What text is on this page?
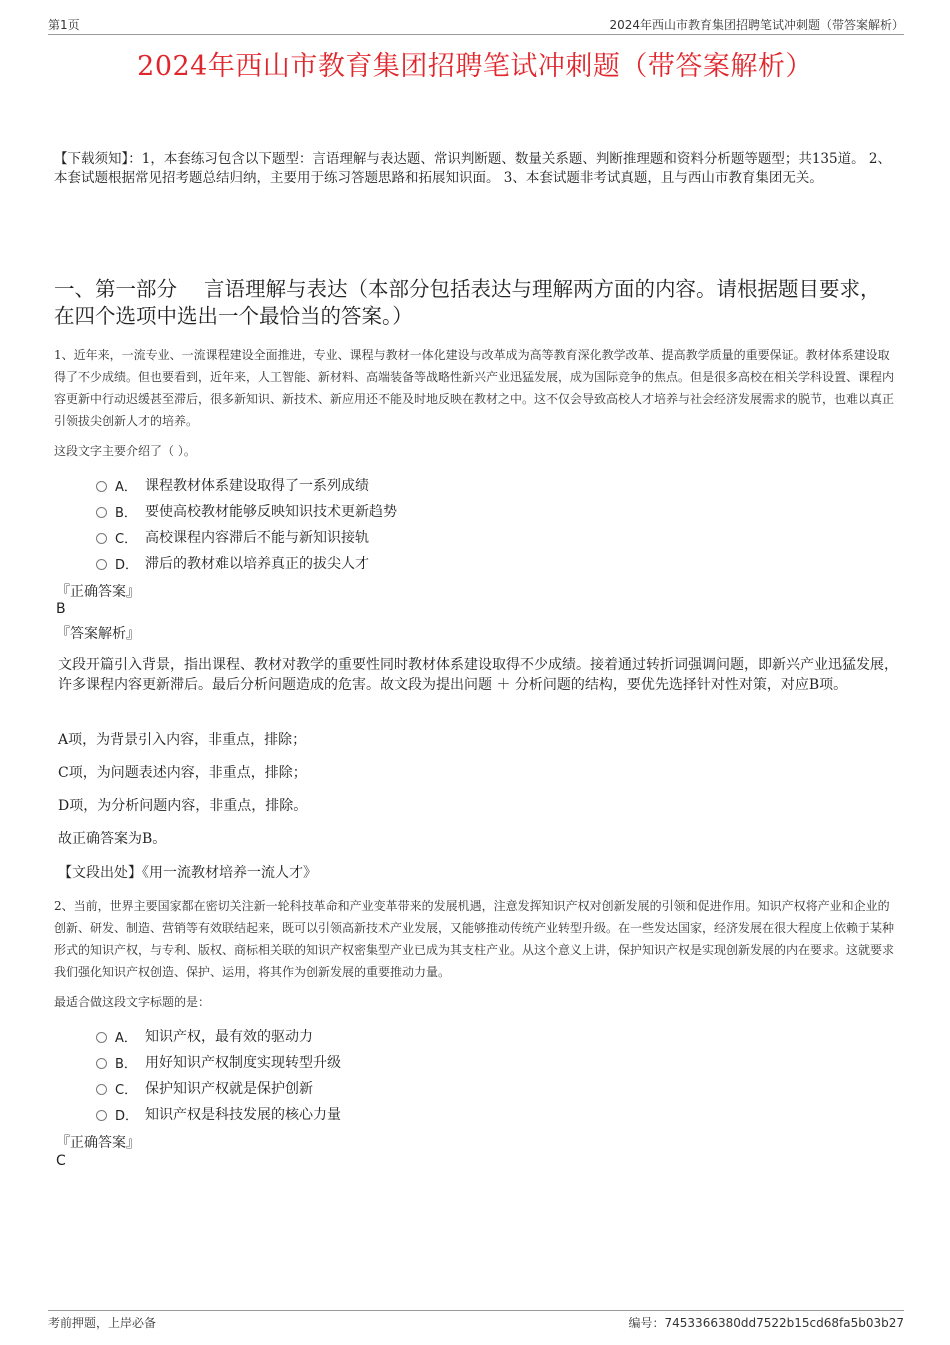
第1页	2024年西山市教育集团招聘笔试冲刺题（带答案解析）
2024年西山市教育集团招聘笔试冲刺题（带答案解析）
【下载须知】：1，本套练习包含以下题型：言语理解与表达题、常识判断题、数量关系题、判断推理题和资料分析题等题型；共135道。 2、本套试题根据常见招考题总结归纳，主要用于练习答题思路和拓展知识面。 3、本套试题非考试真题，且与西山市教育集团无关。
一、第一部分　 言语理解与表达（本部分包括表达与理解两方面的内容。请根据题目要求，在四个选项中选出一个最恰当的答案。）
1、近年来，一流专业、一流课程建设全面推进，专业、课程与教材一体化建设与改革成为高等教育深化教学改革、提高教学质量的重要保证。教材体系建设取得了不少成绩。但也要看到，近年来，人工智能、新材料、高端装备等战略性新兴产业迅猛发展，成为国际竞争的焦点。但是很多高校在相关学科设置、课程内容更新中行动迟缓甚至滞后，很多新知识、新技术、新应用还不能及时地反映在教材之中。这不仅会导致高校人才培养与社会经济发展需求的脱节，也难以真正引领拔尖创新人才的培养。
这段文字主要介绍了（ ）。
A． 课程教材体系建设取得了一系列成绩
B． 要使高校教材能够反映知识技术更新趋势
C． 高校课程内容滞后不能与新知识接轨
D． 滞后的教材难以培养真正的拔尖人才
『正确答案』
B
『答案解析』
文段开篇引入背景，指出课程、教材对教学的重要性同时教材体系建设取得不少成绩。接着通过转折词强调问题，即新兴产业迅猛发展，许多课程内容更新滞后。最后分析问题造成的危害。故文段为提出问题 ＋ 分析问题的结构，要优先选择针对性对策，对应B项。
A项，为背景引入内容，非重点，排除；
C项，为问题表述内容，非重点，排除；
D项，为分析问题内容，非重点，排除。
故正确答案为B。
【文段出处】《用一流教材培养一流人才》
2、当前，世界主要国家都在密切关注新一轮科技革命和产业变革带来的发展机遇，注意发挥知识产权对创新发展的引领和促进作用。知识产权将产业和企业的创新、研发、制造、营销等有效联结起来，既可以引领高新技术产业发展，又能够推动传统产业转型升级。在一些发达国家，经济发展在很大程度上依赖于某种形式的知识产权，与专利、版权、商标相关联的知识产权密集型产业已成为其支柱产业。从这个意义上讲，保护知识产权是实现创新发展的内在要求。这就要求我们强化知识产权创造、保护、运用，将其作为创新发展的重要推动力量。
最适合做这段文字标题的是：
A． 知识产权，最有效的驱动力
B． 用好知识产权制度实现转型升级
C． 保护知识产权就是保护创新
D． 知识产权是科技发展的核心力量
『正确答案』
C
考前押题，上岸必备	编号：7453366380dd7522b15cd68fa5b03b27
